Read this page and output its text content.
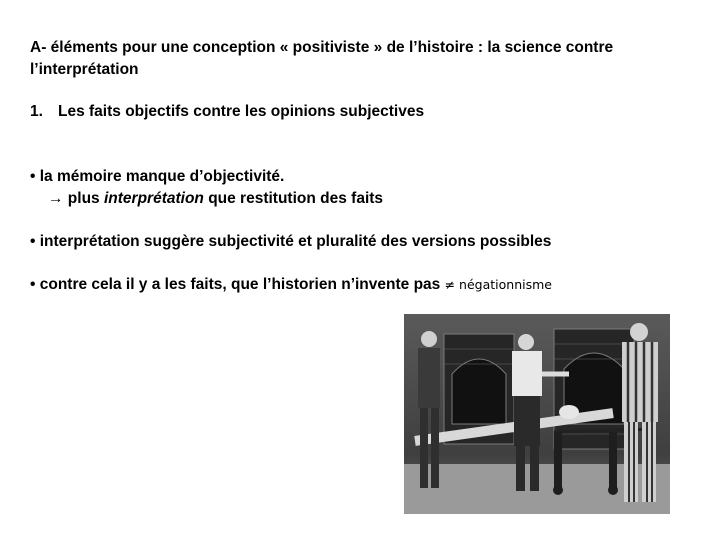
A- éléments pour une conception « positiviste » de l’histoire : la science contre
l’interprétation
1. Les faits objectifs contre les opinions subjectives
• la mémoire manque d’objectivité.
→ plus interprétation que restitution des faits
• interprétation suggère subjectivité et pluralité des versions possibles
• contre cela il y a les faits, que l’historien n’invente pas ≠ négationnisme
